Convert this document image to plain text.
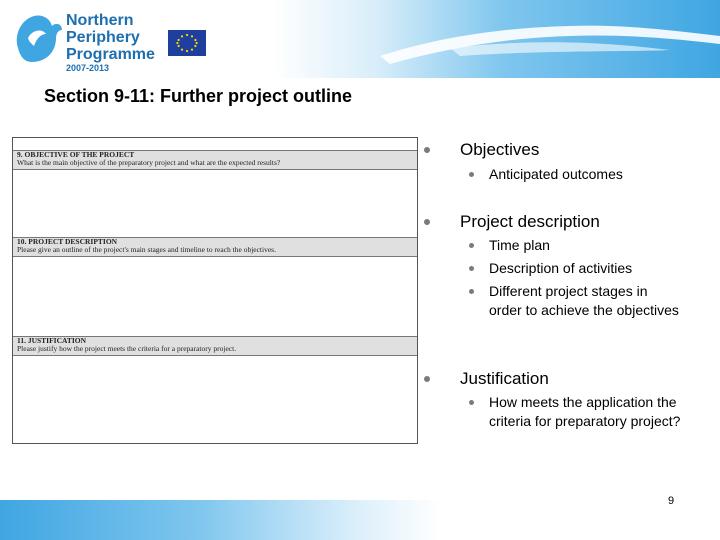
Northern
Periphery
Programme
2007-2013
Section 9-11: Further project outline
9. OBJECTIVE OF THE PROJECT
What is the main objective of the preparatory project and what are the expected results?
10. PROJECT DESCRIPTION
Please give an outline of the project's main stages and timeline to reach the objectives.
11. JUSTIFICATION
Please justify how the project meets the criteria for a preparatory project.
Objectives
Anticipated outcomes
Project description
Time plan
Description of activities
Different project stages in order to achieve the objectives
Justification
How meets the application the criteria for preparatory project?
9
